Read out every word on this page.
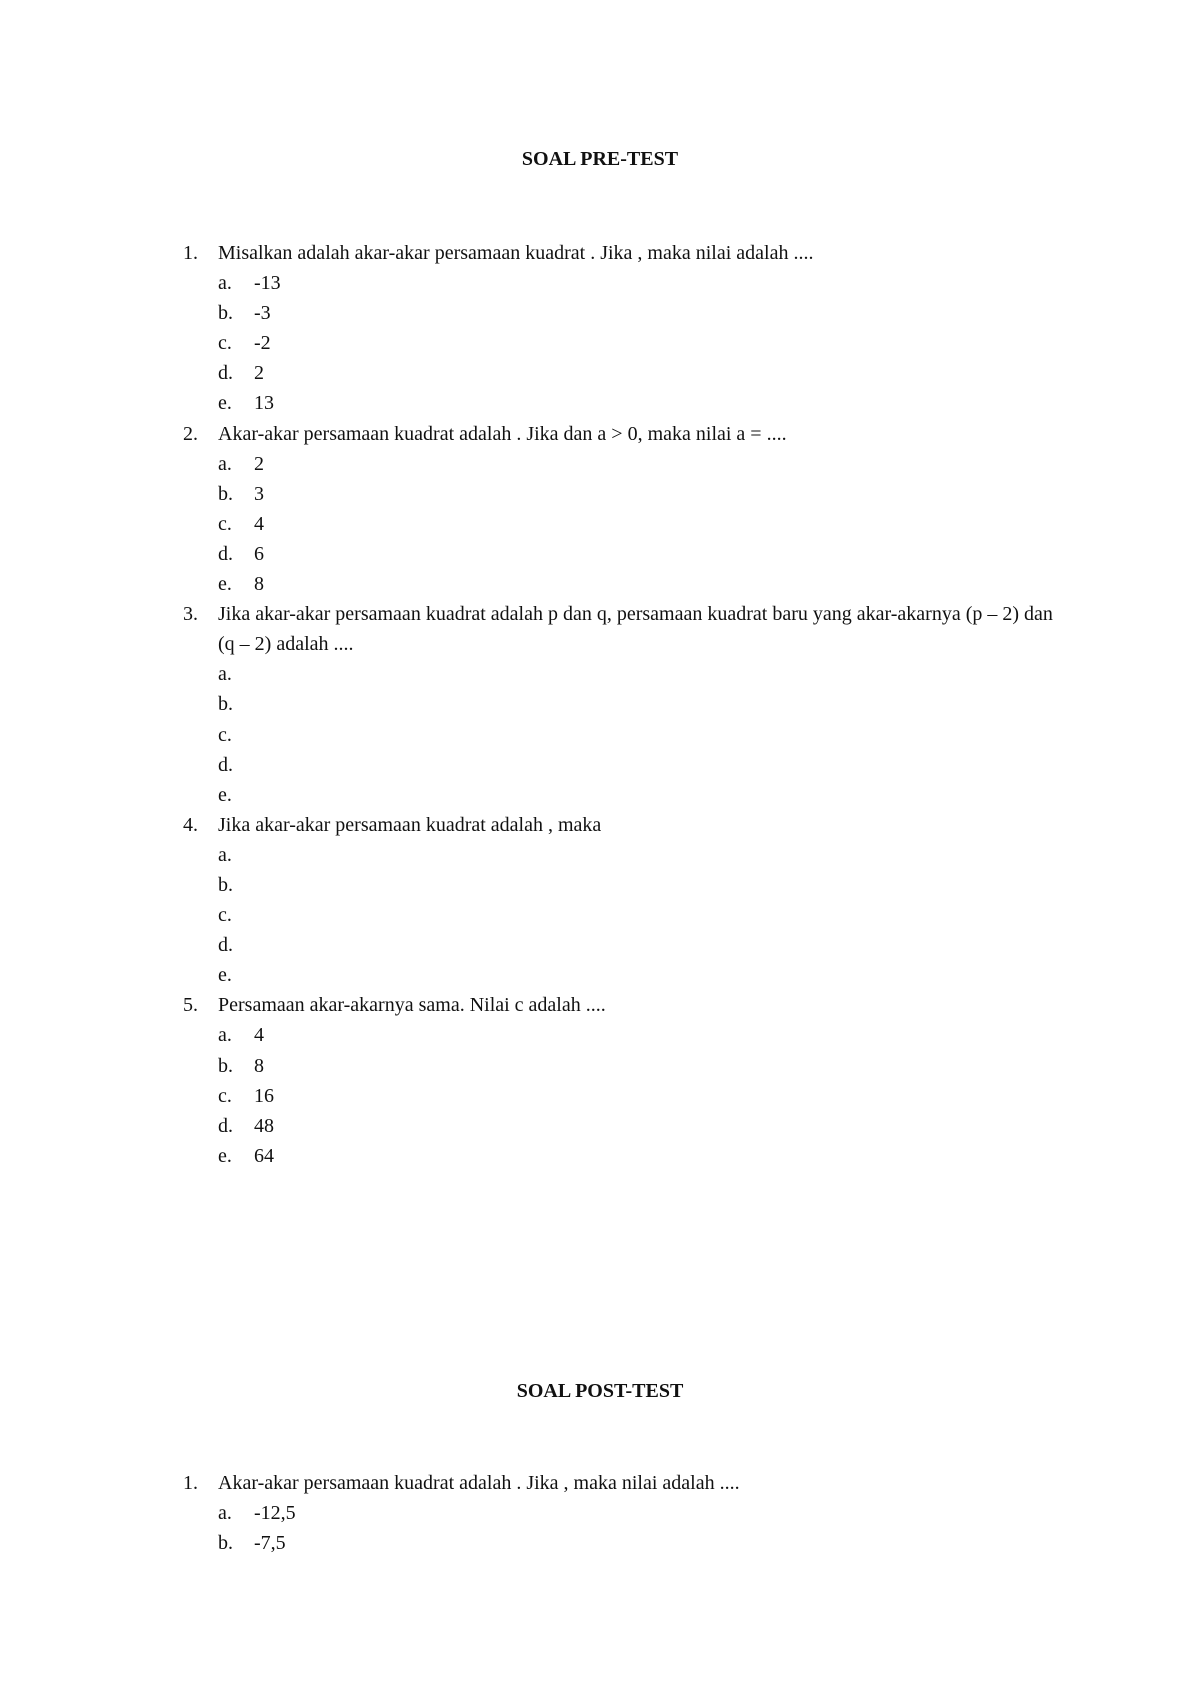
SOAL PRE-TEST
1. Misalkan adalah akar-akar persamaan kuadrat . Jika , maka nilai adalah ....
a. -13
b. -3
c. -2
d. 2
e. 13
2. Akar-akar persamaan kuadrat adalah . Jika dan a > 0, maka nilai a = ....
a. 2
b. 3
c. 4
d. 6
e. 8
3. Jika akar-akar persamaan kuadrat adalah p dan q, persamaan kuadrat baru yang akar-akarnya (p – 2) dan (q – 2) adalah ....
a.
b.
c.
d.
e.
4. Jika akar-akar persamaan kuadrat adalah , maka
a.
b.
c.
d.
e.
5. Persamaan akar-akarnya sama. Nilai c adalah ....
a. 4
b. 8
c. 16
d. 48
e. 64
SOAL POST-TEST
1. Akar-akar persamaan kuadrat adalah . Jika , maka nilai adalah ....
a. -12,5
b. -7,5
